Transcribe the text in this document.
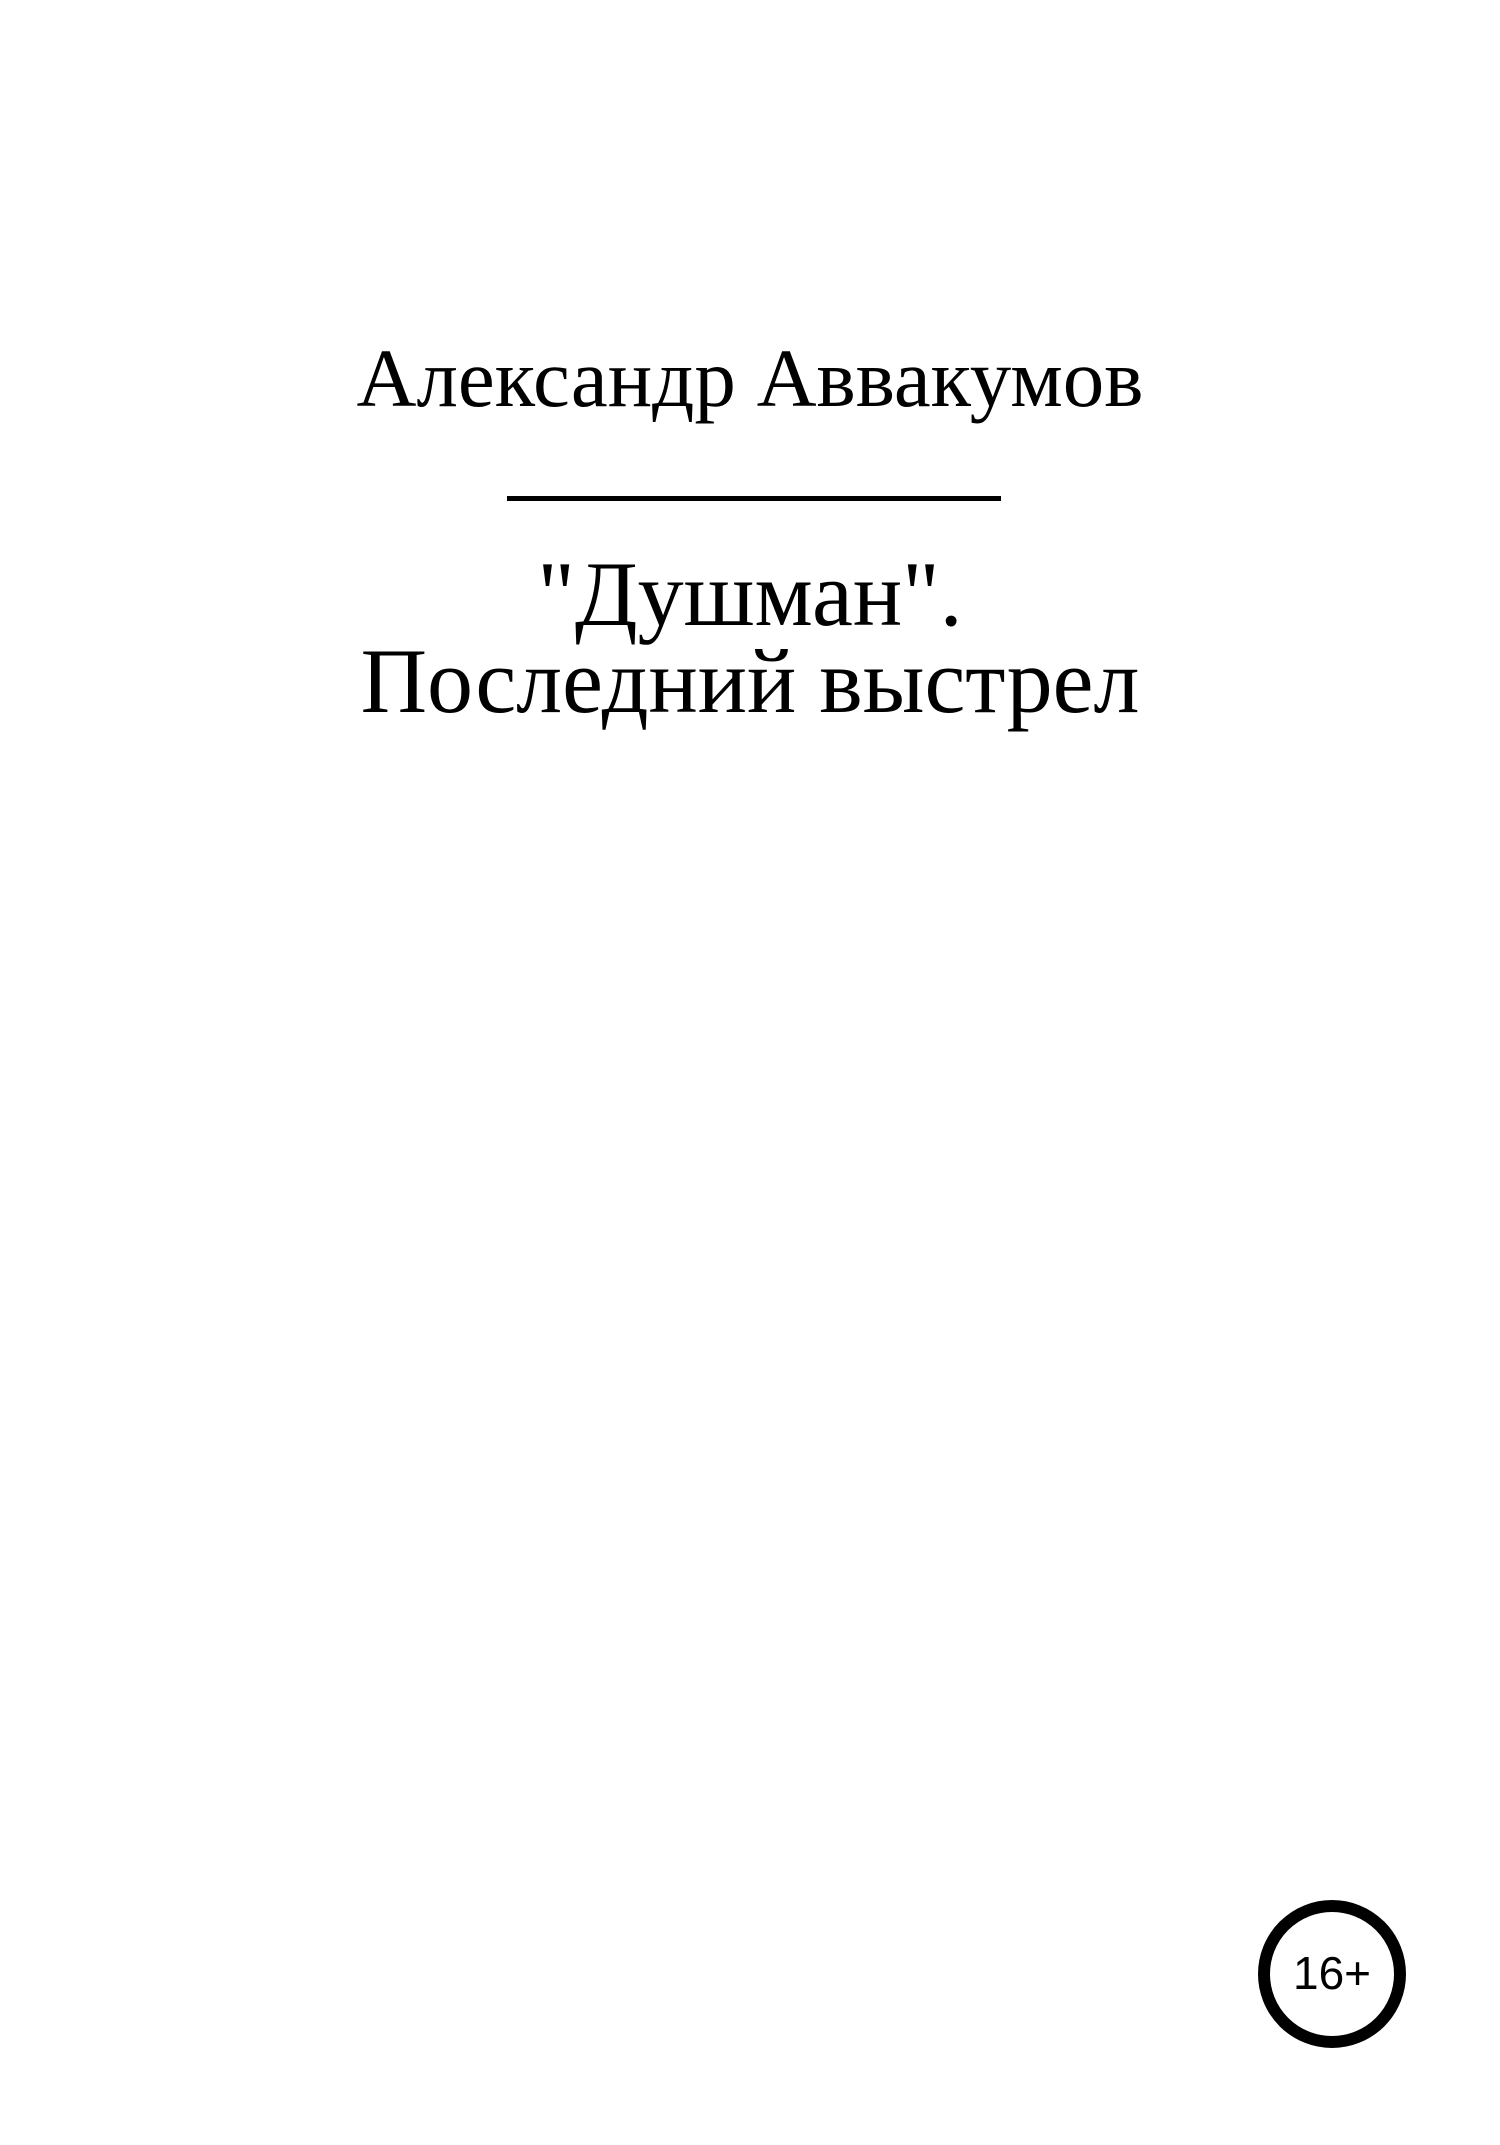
Александр Аввакумов
"Душман".
Последний выстрел
16+
